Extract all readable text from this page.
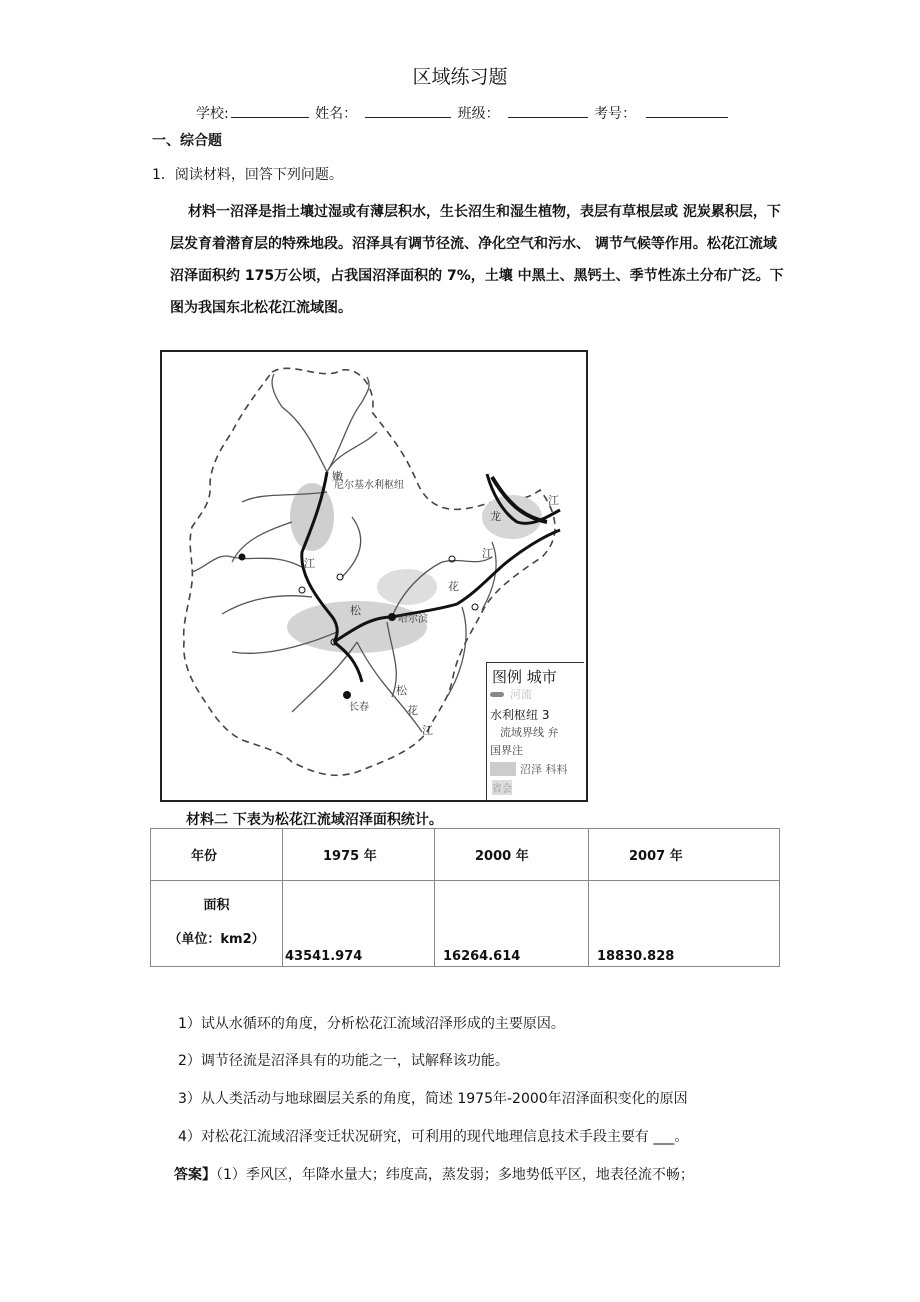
区域练习题
学校:	姓名：	班级：	考号：
一、综合题
1．阅读材料，回答下列问题。
材料一沼泽是指土壤过湿或有薄层积水，生长沼生和湿生植物，表层有草根层或 泥炭累积层，下层发育着潜育层的特殊地段。沼泽具有调节径流、净化空气和污水、 调节气候等作用。松花江流域沼泽面积约 175万公顷，占我国沼泽面积的 7%，土壤 中黑土、黑钙土、季节性冻土分布广泛。下图为我国东北松花江流域图。
嫩
尼尔基水利枢纽
江
松
哈尔滨
花
江
龙
江
长春
松
花
江
图例 城市
河流
水利枢纽 3
流域界线 弁
国界注
沼泽 科料
省会
材料二 下表为松花江流域沼泽面积统计。
年份	1975 年	2000 年	2007 年

面积
（单位：km2）	43541.974	16264.614	18830.828
1）试从水循环的角度，分析松花江流域沼泽形成的主要原因。
2）调节径流是沼泽具有的功能之一，试解释该功能。
3）从人类活动与地球圈层关系的角度，简述 1975年-2000年沼泽面积变化的原因
4）对松花江流域沼泽变迁状况研究，可利用的现代地理信息技术手段主要有 ___。
答案】（1）季风区，年降水量大；纬度高，蒸发弱；多地势低平区，地表径流不畅；
